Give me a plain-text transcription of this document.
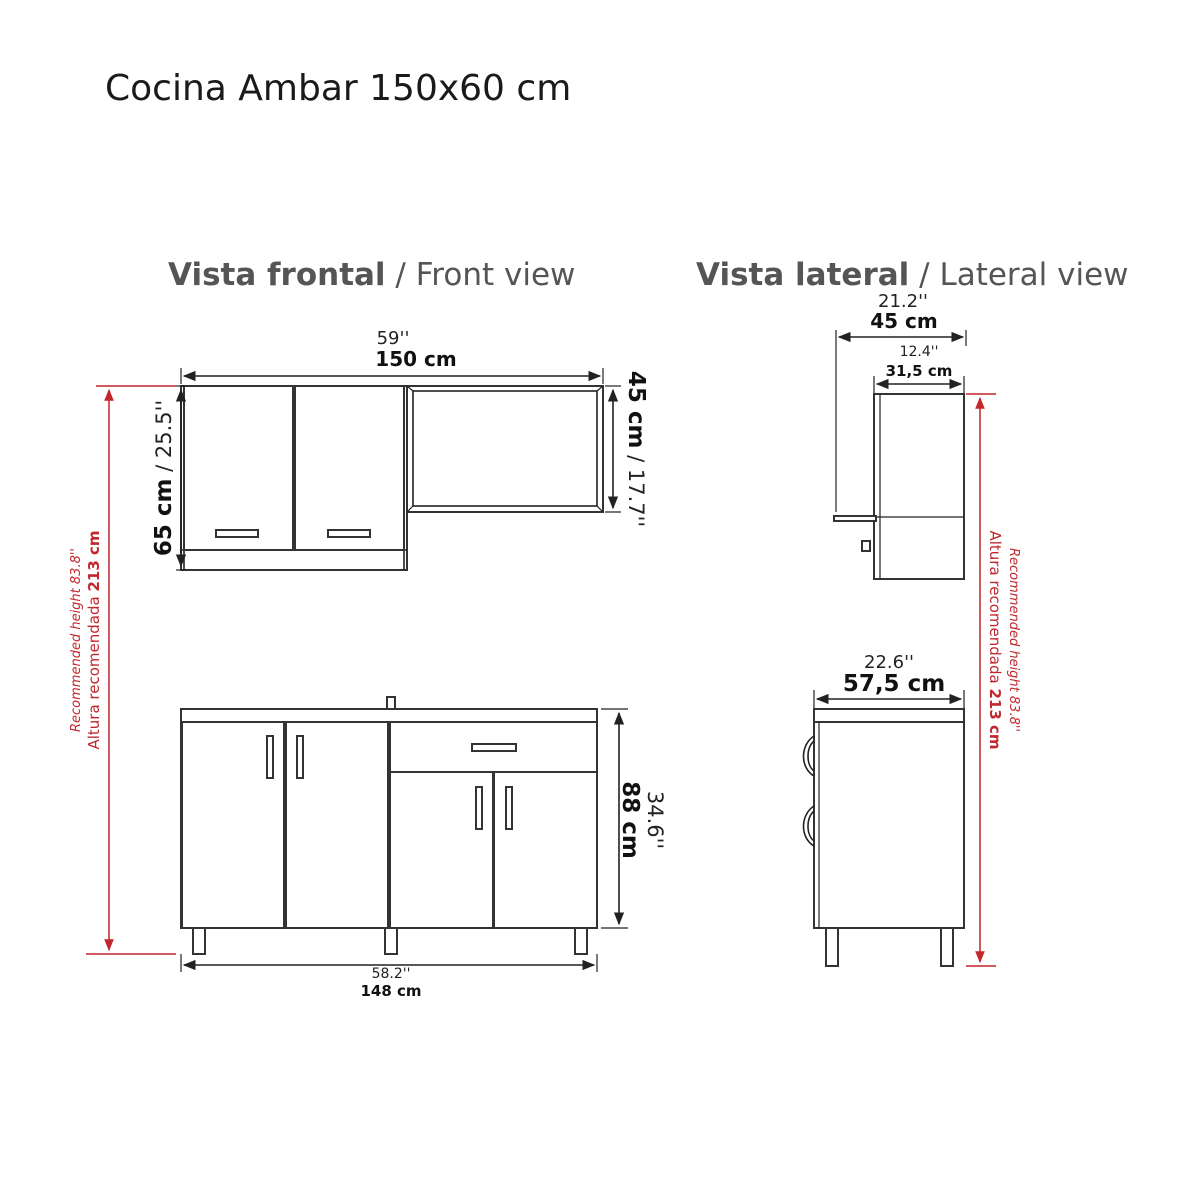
Cocina Ambar 150x60 cm
Vista frontal / Front view
59''
150 cm
65 cm / 25.5''	45 cm / 17.7''
88 cm 34.6''
58.2''
148 cm
Recommended height 83.8'' Altura recomendada 213 cm
Vista lateral / Lateral view
21.2''
45 cm
12.4''
31,5 cm
22.6''
57,5 cm	Recommended height 83.8''
Altura recomendada 213 cm
